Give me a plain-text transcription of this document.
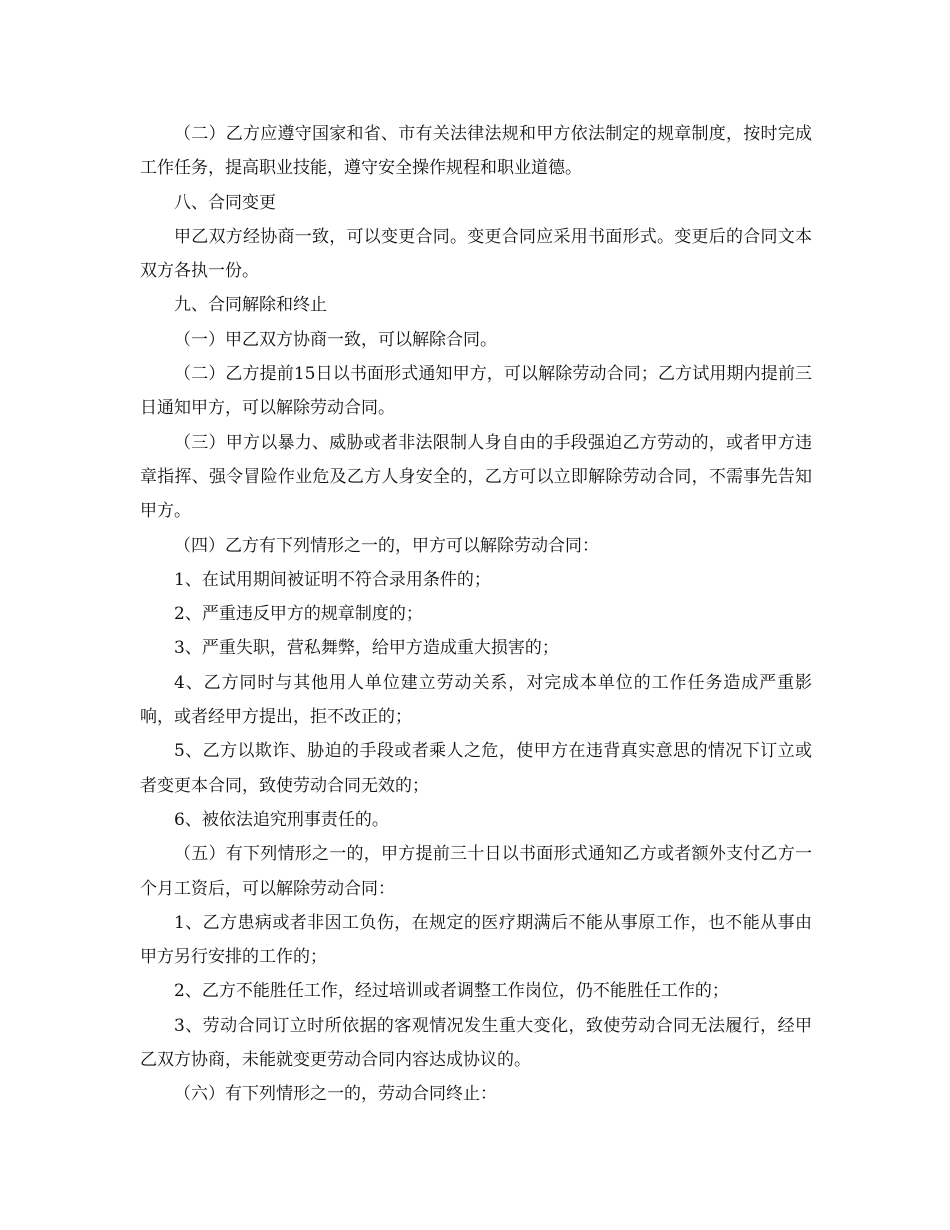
（二）乙方应遵守国家和省、市有关法律法规和甲方依法制定的规章制度，按时完成工作任务，提高职业技能，遵守安全操作规程和职业道德。

八、合同变更

甲乙双方经协商一致，可以变更合同。变更合同应采用书面形式。变更后的合同文本双方各执一份。

九、合同解除和终止

（一）甲乙双方协商一致，可以解除合同。

（二）乙方提前15日以书面形式通知甲方，可以解除劳动合同；乙方试用期内提前三日通知甲方，可以解除劳动合同。

（三）甲方以暴力、威胁或者非法限制人身自由的手段强迫乙方劳动的，或者甲方违章指挥、强令冒险作业危及乙方人身安全的，乙方可以立即解除劳动合同，不需事先告知甲方。

（四）乙方有下列情形之一的，甲方可以解除劳动合同：

1、在试用期间被证明不符合录用条件的；

2、严重违反甲方的规章制度的；

3、严重失职，营私舞弊，给甲方造成重大损害的；

4、乙方同时与其他用人单位建立劳动关系，对完成本单位的工作任务造成严重影响，或者经甲方提出，拒不改正的；

5、乙方以欺诈、胁迫的手段或者乘人之危，使甲方在违背真实意思的情况下订立或者变更本合同，致使劳动合同无效的；

6、被依法追究刑事责任的。

（五）有下列情形之一的，甲方提前三十日以书面形式通知乙方或者额外支付乙方一个月工资后，可以解除劳动合同：

1、乙方患病或者非因工负伤，在规定的医疗期满后不能从事原工作，也不能从事由甲方另行安排的工作的；

2、乙方不能胜任工作，经过培训或者调整工作岗位，仍不能胜任工作的；

3、劳动合同订立时所依据的客观情况发生重大变化，致使劳动合同无法履行，经甲乙双方协商，未能就变更劳动合同内容达成协议的。

（六）有下列情形之一的，劳动合同终止：
